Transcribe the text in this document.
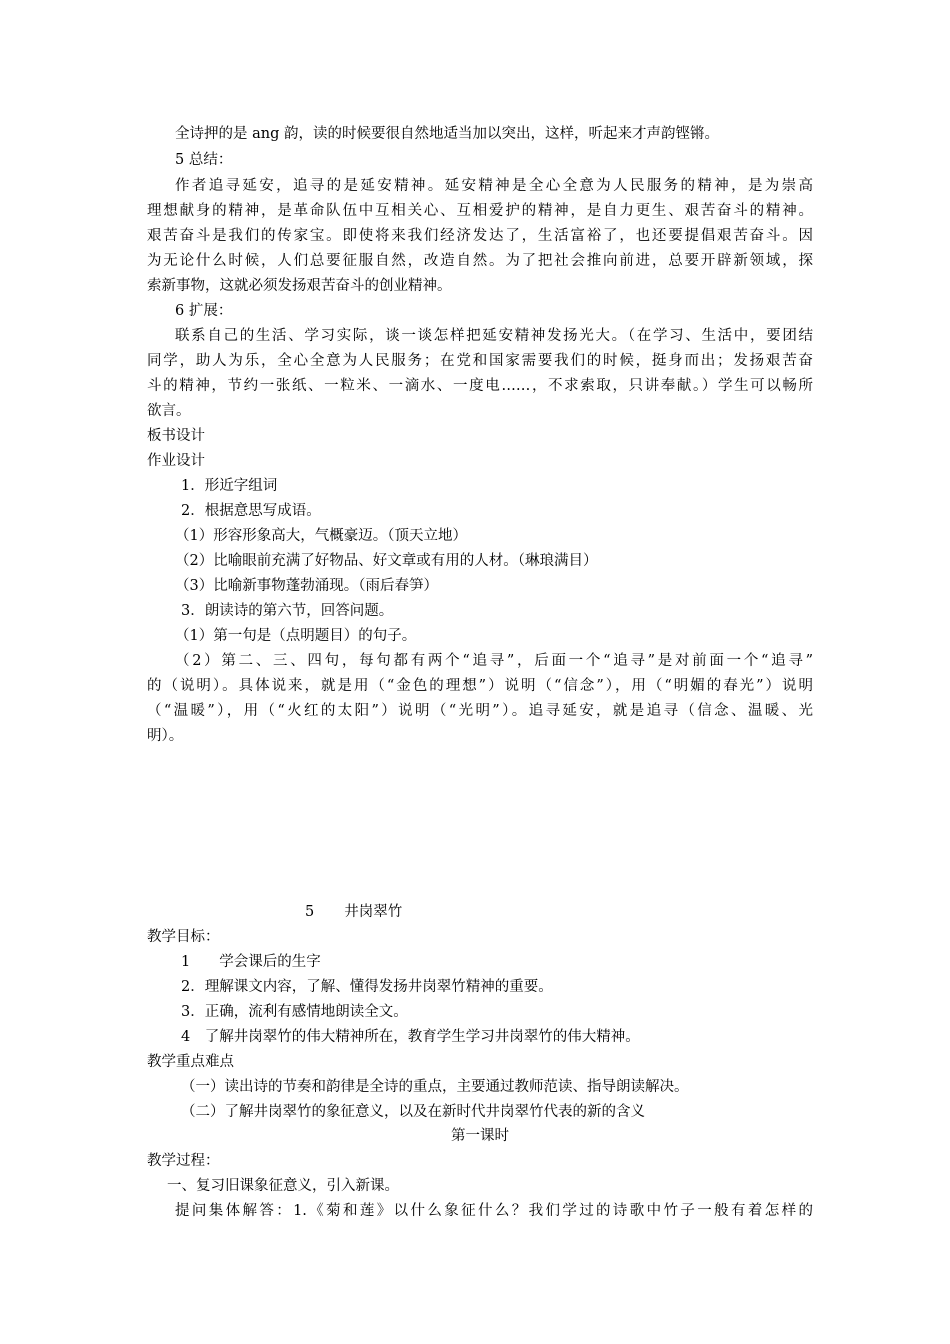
全诗押的是 ang 韵，读的时候要很自然地适当加以突出，这样，听起来才声韵铿锵。
5 总结：
作者追寻延安，追寻的是延安精神。延安精神是全心全意为人民服务的精神，是为崇高
理想献身的精神，是革命队伍中互相关心、互相爱护的精神，是自力更生、艰苦奋斗的精神。
艰苦奋斗是我们的传家宝。即使将来我们经济发达了，生活富裕了，也还要提倡艰苦奋斗。因
为无论什么时候，人们总要征服自然，改造自然。为了把社会推向前进，总要开辟新领域，探
索新事物，这就必须发扬艰苦奋斗的创业精神。
6 扩展：
联系自己的生活、学习实际，谈一谈怎样把延安精神发扬光大。（在学习、生活中，要团结
同学，助人为乐，全心全意为人民服务；在党和国家需要我们的时候，挺身而出；发扬艰苦奋
斗的精神，节约一张纸、一粒米、一滴水、一度电……，不求索取，只讲奉献。）学生可以畅所
欲言。
板书设计
作业设计
1．形近字组词
2．根据意思写成语。
（1）形容形象高大，气概豪迈。（顶天立地）
（2）比喻眼前充满了好物品、好文章或有用的人材。（琳琅满目）
（3）比喻新事物蓬勃涌现。（雨后春笋）
3．朗读诗的第六节，回答问题。
（1）第一句是（点明题目）的句子。
（2）第二、三、四句，每句都有两个“追寻”，后面一个“追寻”是对前面一个“追寻”
的（说明）。具体说来，就是用（“金色的理想”）说明（“信念”），用（“明媚的春光”）说明
（“温暖”），用（“火红的太阳”）说明（“光明”）。追寻延安，就是追寻（信念、温暖、光
明）。
5 井岗翠竹
教学目标：
1　　学会课后的生字
2．理解课文内容，了解、懂得发扬井岗翠竹精神的重要。
3．正确，流利有感情地朗读全文。
4　了解井岗翠竹的伟大精神所在，教育学生学习井岗翠竹的伟大精神。
教学重点难点
（一）读出诗的节奏和韵律是全诗的重点，主要通过教师范读、指导朗读解决。
（二）了解井岗翠竹的象征意义，以及在新时代井岗翠竹代表的新的含义
第一课时
教学过程：
一、复习旧课象征意义，引入新课。
提问集体解答：1.《菊和莲》以什么象征什么？我们学过的诗歌中竹子一般有着怎样的
